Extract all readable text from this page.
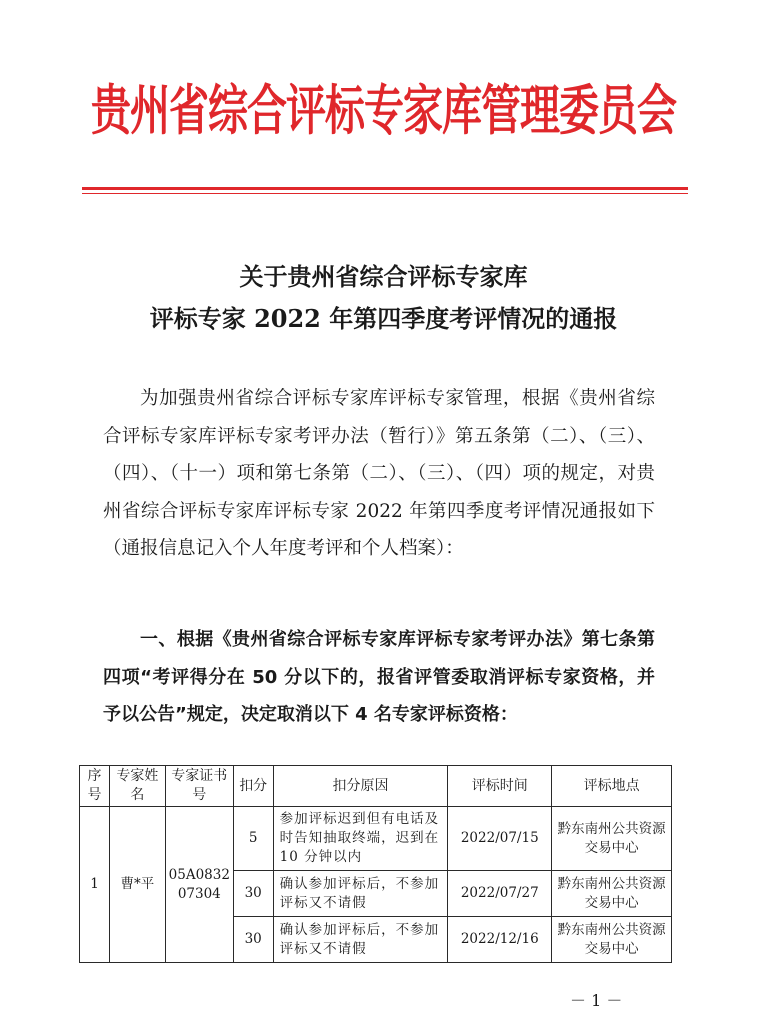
贵州省综合评标专家库管理委员会
关于贵州省综合评标专家库
评标专家 2022 年第四季度考评情况的通报
为加强贵州省综合评标专家库评标专家管理，根据《贵州省综合评标专家库评标专家考评办法（暂行）》第五条第（二）、（三）、（四）、（十一）项和第七条第（二）、（三）、（四）项的规定，对贵州省综合评标专家库评标专家 2022 年第四季度考评情况通报如下（通报信息记入个人年度考评和个人档案）：
一、根据《贵州省综合评标专家库评标专家考评办法》第七条第四项“考评得分在 50 分以下的，报省评管委取消评标专家资格，并予以公告”规定，决定取消以下 4 名专家评标资格：
序号	专家姓名	专家证书号	扣分	扣分原因	评标时间	评标地点
1	曹*平	05A083207304	5	参加评标迟到但有电话及时告知抽取终端，迟到在 10 分钟以内	2022/07/15	黔东南州公共资源交易中心
			30	确认参加评标后，不参加评标又不请假	2022/07/27	黔东南州公共资源交易中心
			30	确认参加评标后，不参加评标又不请假	2022/12/16	黔东南州公共资源交易中心
－ 1 －
